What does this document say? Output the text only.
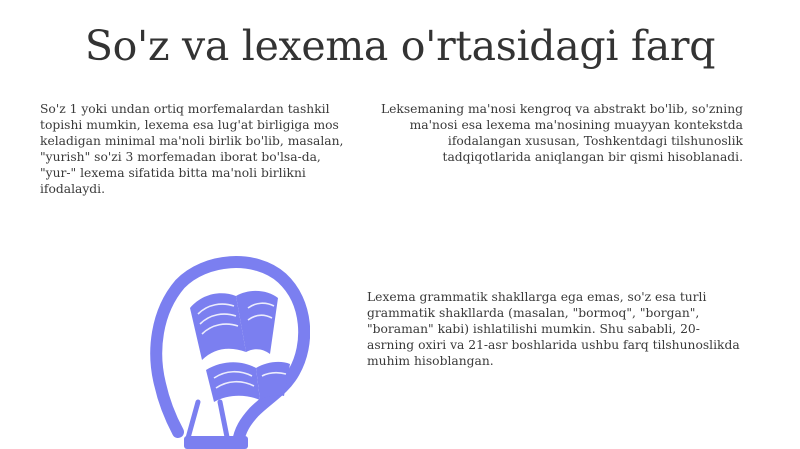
So'z va lexema o'rtasidagi farq

So'z 1 yoki undan ortiq morfemalardan tashkil topishi mumkin, lexema esa lug'at birligiga mos keladigan minimal ma'noli birlik bo'lib, masalan, "yurish" so'zi 3 morfemadan iborat bo'lsa-da, "yur-" lexema sifatida bitta ma'noli birlikni ifodalaydi.

Leksemaning ma'nosi kengroq va abstrakt bo'lib, so'zning ma'nosi esa lexema ma'nosining muayyan kontekstda ifodalangan xususan, Toshkentdagi tilshunoslik tadqiqotlarida aniqlangan bir qismi hisoblanadi.

Lexema grammatik shakllarga ega emas, so'z esa turli grammatik shakllarda (masalan, "bormoq", "borgan", "boraman" kabi) ishlatilishi mumkin. Shu sababli, 20-asrning oxiri va 21-asr boshlarida ushbu farq tilshunoslikda muhim hisoblangan.
